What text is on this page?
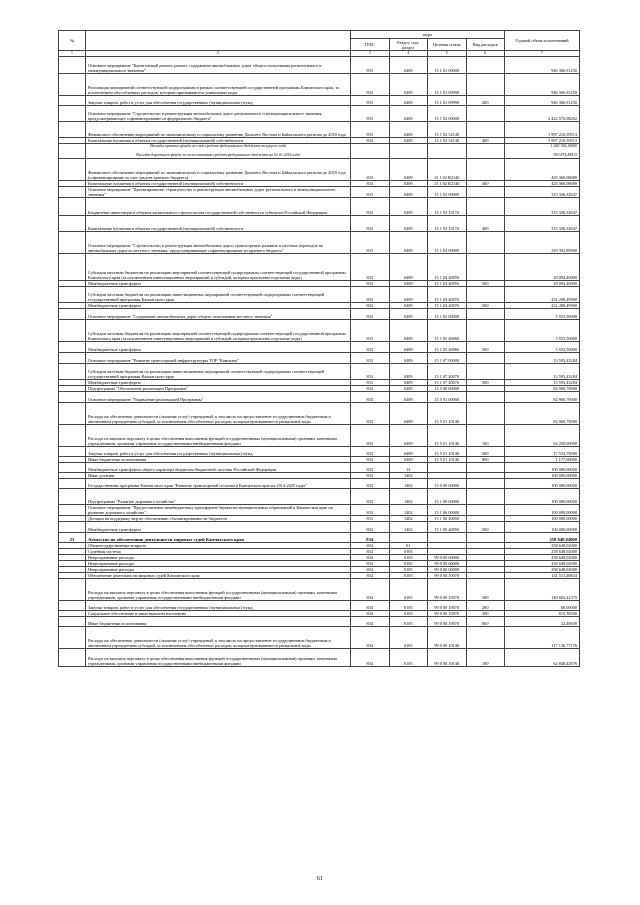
№		коды				Годовой объем ассигнований
		ГРБС	Раздел, под-раздел	Целевая статья	Вид расходов	
1	2	3	4	5	6	7
	Основное мероприятие "Капитальный ремонт, ремонт, содержание автомобильных дорог общего пользования регионального и межмуниципального значения"	833	0409	15 1 01 00000		946 366,91250
	Реализация мероприятий соответствующей подпрограммы в рамках соответствующей государственной программы Камчатского края, за исключением обособленных расходов, которым присваиваются уникальные коды	833	0409	15 1 01 09990		946 366,91250
	Закупка товаров, работ и услуг для обеспечения государственных (муниципальных) нужд	833	0409	15 1 01 09990	200	946 366,91250
	Основное мероприятие "Строительство и реконструкция автомобильных дорог регионального и межмуниципального значения, предусматривающее софинансирование из федерального бюджета"	833	0409	15 1 02 00000		2 422 570,68202
	Финансовое обеспечение мероприятий по экономическому и социальному развитию Дальнего Востока и Байкальского региона до 2018 года	833	0409	15 1 02 52140		1 997 210,59513
	Капитальные вложения в объекты государственной (муниципальной) собственности	833	0409	15 1 02 52140	400	1 997 210,59513
	Расходы краевого фонда за счет средств федерального бюджета текущего года					1 043 336,10000
	Расходы дорожного фонда за счет остатков средств федерального бюджета на 01.01.2016 года					953 874,49513
	Финансовое обеспечение мероприятий по экономическому и социальному развитию Дальнего Востока и Байкальского региона до 2018 года (софинансирование за счет средств краевого бюджета)	833	0409	15 1 02 R2140		425 360,08689
	Капитальные вложения в объекты государственной (муниципальной) собственности	833	0409	15 1 02 R2140	400	425 360,08689
	Основное мероприятие "Проектирование, строительство и реконструкция автомобильных дорог регионального и межмуниципального значения"	833	0409	15 1 03 00000		315 336,32647
	Бюджетные инвестиции в объекты капитального строительства государственной собственности субъектов Российской Федерации	833	0409	15 1 03 10170		315 336,32647
	Капитальные вложения в объекты государственной (муниципальной) собственности	833	0409	15 1 03 10170	400	315 336,32647
	Основное мероприятие "Строительство и реконструкция автомобильных дорог, транспортных развязок и местных переходов на автомобильных дорогах местного значения, предусматривающее софинансирование из краевого бюджета"	833	0409	15 1 04 00000		259 392,89900
	Субсидии местным бюджетам на реализацию мероприятий соответствующей подпрограммы соответствующей государственной программы Камчатского края (за исключением инвестиционных мероприятий и субсидий, которым присвоены отдельные коды)	833	0409	15 1 04 40050		28 094,40000
	Межбюджетные трансферты	833	0409	15 1 04 40050	500	28 094,40000
	Субсидии местным бюджетам на реализацию инвестиционных мероприятий соответствующей подпрограммы соответствующей государственной программы Камчатского края	833	0409	15 1 04 40076		231 298,49900
	Межбюджетные трансферты	833	0409	15 1 04 40076	500	231 298,49900
	Основное мероприятие "Содержание автомобильных дорог общего пользования местного значения"	833	0409	15 1 05 00000		5 553,50000
	Субсидии местным бюджетам на реализацию мероприятий соответствующей подпрограммы соответствующей государственной программы Камчатского края (за исключением инвестиционных мероприятий и субсидий, которым присвоены отдельные коды)	833	0409	15 1 05 40060		5 553,50000
	Межбюджетные трансферты	833	0409	15 1 05 40060	500	5 553,50000
	Основное мероприятие "Развитие транспортной инфраструктуры ТОР "Камчатка"	833	0409	15 1 07 00000		13 593,43284
	Субсидии местным бюджетам на реализацию инвестиционных мероприятий соответствующей подпрограммы соответствующей государственной программы Камчатского края	833	0409	15 1 07 40070		13 593,43284
	Межбюджетные трансферты	833	0409	15 1 07 40070	500	13 593,43284
	Подпрограмма "Обеспечение реализации Программы"	833	0409	15 5 00 00000		82 960,79000
	Основное мероприятие "Управление реализацией Программы"	833	0409	15 5 01 00000		82 960,79000
	Расходы на обеспечение деятельности (оказание услуг) учреждений, в том числе на предоставление государственным бюджетным и автономным учреждениям субсидий, за исключением обособленных расходов, которым присваиваются уникальные коды	833	0409	15 5 01 10140		82 960,79000
	Расходы на выплаты персоналу в целях обеспечения выполнения функций государственными (муниципальными) органами, казенными учреждениями, органами управления государственными внебюджетными фондами	833	0409	15 5 01 10140	100	64 250,00000
	Закупка товаров, работ и услуг для обеспечения государственных (муниципальных) нужд	833	0409	15 5 01 10140	200	17 533,79000
	Иные бюджетные ассигнования	833	0409	15 5 01 10140	800	1 177,00000
	Межбюджетные трансферты общего характера бюджетам бюджетной системы Российской Федерации	833	14			100 000,00000
	Иные дотации	833	1402			100 000,00000
	Государственная программа Камчатского края "Развитие транспортной системы в Камчатском крае на 2014-2025 годы"	833	1402	15 0 00 00000		100 000,00000
	Подпрограмма "Развитие дорожного хозяйства"	833	1402	15 1 00 00000		100 000,00000
	Основное мероприятие "Предоставление межбюджетных трансфертов бюджетам муниципальных образований в Камчатском крае на развитие дорожного хозяйства"	833	1402	15 1 06 00000		100 000,00000
	Дотации на поддержку мер по обеспечению сбалансированности бюджетов	833	1402	15 1 06 40050		100 000,00000
	Межбюджетные трансферты	833	1402	15 1 06 40050	500	100 000,00000
23	Агентство по обеспечению деятельности мировых судей Камчатского края	834				258 648,02000
	Общегосударственные вопросы	834	01			258 648,02000
	Судебная система	834	0105			258 648,02000
	Непрограммные расходы	834	0105	99 0 00 00000		258 648,02000
	Непрограммные расходы	834	0105	99 0 00 00000		258 648,02000
	Непрограммные расходы	834	0105	99 0 00 00000		258 648,02000
	Обеспечение деятельности мировых судей Камчатского края	834	0105	99 0 00 10070		141 511,28824
	Расходы на выплаты персоналу в целях обеспечения выполнения функций государственными (муниципальными) органами, казенными учреждениями, органами управления государственными внебюджетными фондами	834	0105	99 0 00 10070	100	140 603,41375
	Закупка товаров, работ и услуг для обеспечения государственных (муниципальных) нужд	834	0105	99 0 00 10070	200	60,00000
	Социальное обеспечение и иные выплаты населению	834	0105	99 0 00 10070	300	815,38500
	Иные бюджетные ассигнования	834	0105	99 0 00 10070	800	32,48949
	Расходы на обеспечение деятельности (оказание услуг) учреждений, в том числе на предоставление государственным бюджетным и автономным учреждениям субсидий, за исключением обособленных расходов, которым присваиваются уникальные коды	834	0105	99 0 00 10140		117 136,77176
	Расходы на выплаты персоналу в целях обеспечения выполнения функций государственными (муниципальными) органами, казенными учреждениями, органами управления государственными внебюджетными фондами	834	0105	99 0 00 10140	100	62 848,42976
61
